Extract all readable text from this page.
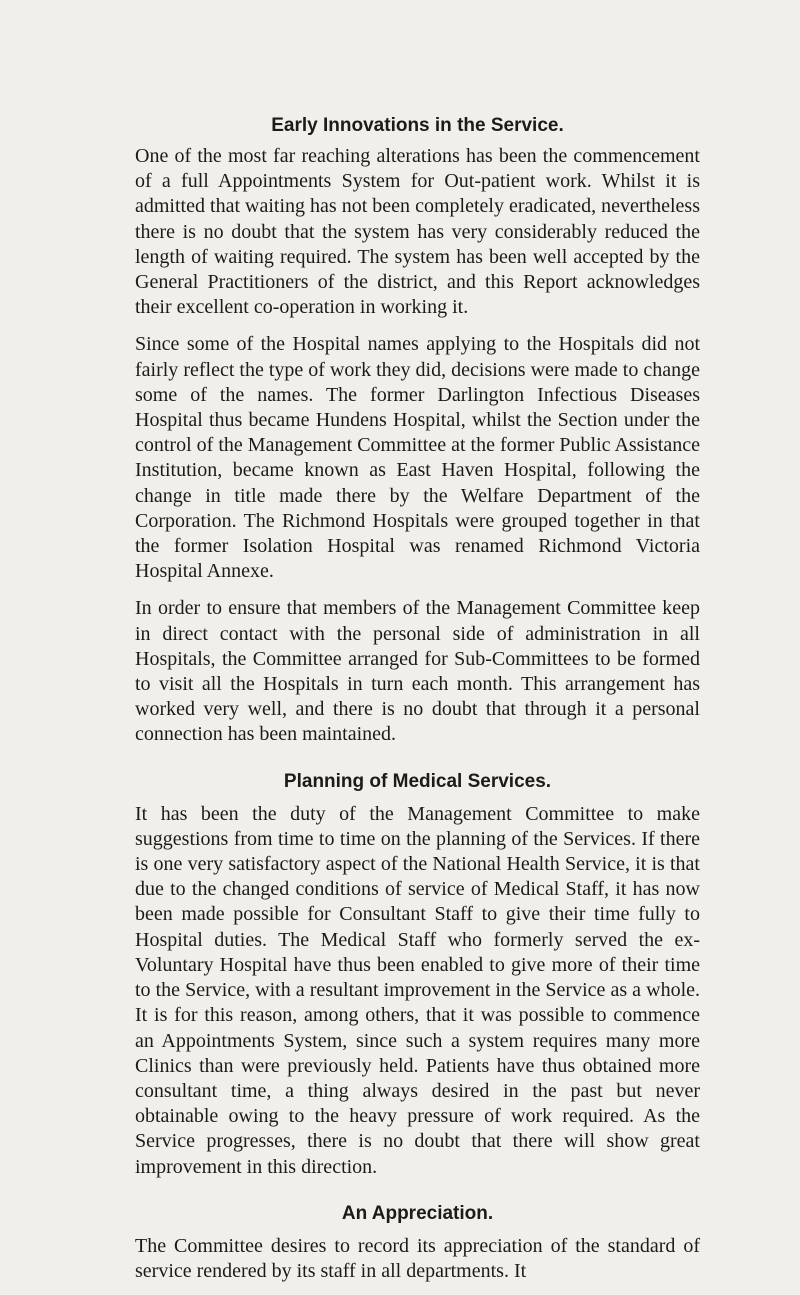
Early Innovations in the Service.

One of the most far reaching alterations has been the commencement of a full Appointments System for Out-patient work. Whilst it is admitted that waiting has not been completely eradicated, nevertheless there is no doubt that the system has very considerably reduced the length of waiting required. The system has been well accepted by the General Practitioners of the district, and this Report acknowledges their excellent co-operation in working it.

Since some of the Hospital names applying to the Hospitals did not fairly reflect the type of work they did, decisions were made to change some of the names. The former Darlington Infectious Diseases Hospital thus became Hundens Hospital, whilst the Section under the control of the Management Committee at the former Public Assistance Institution, became known as East Haven Hospital, following the change in title made there by the Welfare Department of the Corporation. The Richmond Hospitals were grouped together in that the former Isolation Hospital was renamed Richmond Victoria Hospital Annexe.

In order to ensure that members of the Management Committee keep in direct contact with the personal side of administration in all Hospitals, the Committee arranged for Sub-Committees to be formed to visit all the Hospitals in turn each month. This arrangement has worked very well, and there is no doubt that through it a personal connection has been maintained.

Planning of Medical Services.

It has been the duty of the Management Committee to make suggestions from time to time on the planning of the Services. If there is one very satisfactory aspect of the National Health Service, it is that due to the changed conditions of service of Medical Staff, it has now been made possible for Consultant Staff to give their time fully to Hospital duties. The Medical Staff who formerly served the ex-Voluntary Hospital have thus been enabled to give more of their time to the Service, with a resultant improvement in the Service as a whole. It is for this reason, among others, that it was possible to commence an Appointments System, since such a system requires many more Clinics than were previously held. Patients have thus obtained more consultant time, a thing always desired in the past but never obtainable owing to the heavy pressure of work required. As the Service progresses, there is no doubt that there will show great improvement in this direction.

An Appreciation.

The Committee desires to record its appreciation of the standard of service rendered by its staff in all departments. It
